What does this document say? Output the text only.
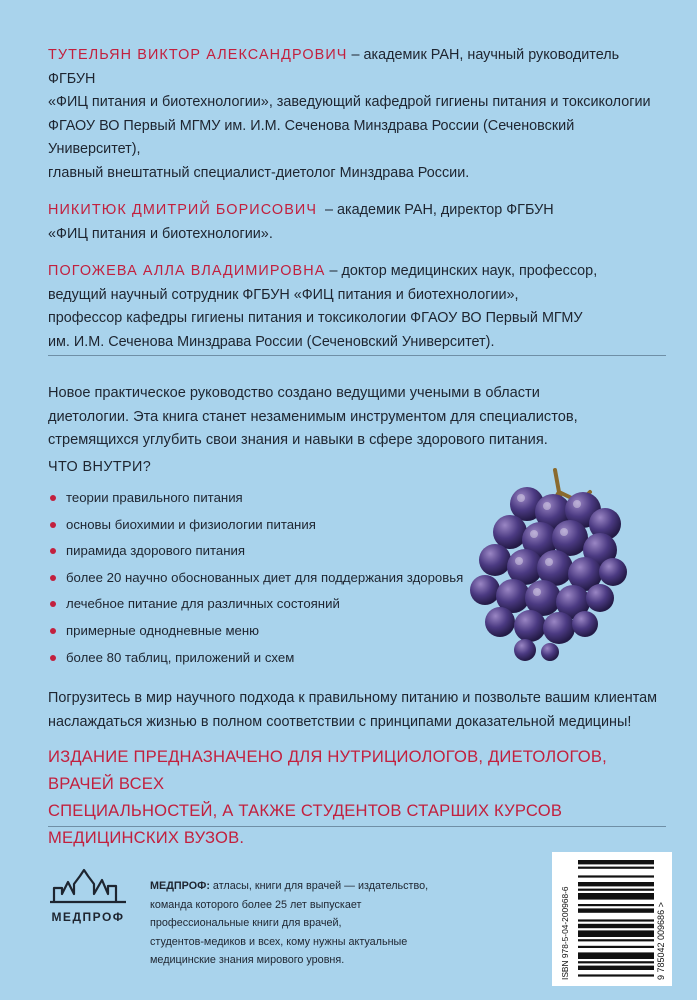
ТУТЕЛЬЯН ВИКТОР АЛЕКСАНДРОВИЧ – академик РАН, научный руководитель ФГБУН
«ФИЦ питания и биотехнологии», заведующий кафедрой гигиены питания и токсикологии
ФГАОУ ВО Первый МГМУ им. И.М. Сеченова Минздрава России (Сеченовский Университет),
главный внештатный специалист-диетолог Минздрава России.
НИКИТЮК ДМИТРИЙ БОРИСОВИЧ  – академик РАН, директор ФГБУН
«ФИЦ питания и биотехнологии».
ПОГОЖЕВА АЛЛА ВЛАДИМИРОВНА – доктор медицинских наук, профессор,
ведущий научный сотрудник ФГБУН «ФИЦ питания и биотехнологии»,
профессор кафедры гигиены питания и токсикологии ФГАОУ ВО Первый МГМУ
им. И.М. Сеченова Минздрава России (Сеченовский Университет).
Новое практическое руководство создано ведущими учеными в области
диетологии. Эта книга станет незаменимым инструментом для специалистов,
стремящихся углубить свои знания и навыки в сфере здорового питания.
ЧТО ВНУТРИ?
теории правильного питания
основы биохимии и физиологии питания
пирамида здорового питания
более 20 научно обоснованных диет для поддержания здоровья
лечебное питание для различных состояний
примерные однодневные меню
более 80 таблиц, приложений и схем
Погрузитесь в мир научного подхода к правильному питанию и позвольте вашим клиентам
наслаждаться жизнью в полном соответствии с принципами доказательной медицины!
ИЗДАНИЕ ПРЕДНАЗНАЧЕНО ДЛЯ НУТРИЦИОЛОГОВ, ДИЕТОЛОГОВ, ВРАЧЕЙ ВСЕХ
СПЕЦИАЛЬНОСТЕЙ, А ТАКЖЕ СТУДЕНТОВ СТАРШИХ КУРСОВ МЕДИЦИНСКИХ ВУЗОВ.
МЕДПРОФ
МЕДПРОФ: атласы, книги для врачей — издательство,
команда которого более 25 лет выпускает
профессиональные книги для врачей,
студентов-медиков и всех, кому нужны актуальные
медицинские знания мирового уровня.	ISBN 978-5-04-200968-6	9 785042 009686 >
